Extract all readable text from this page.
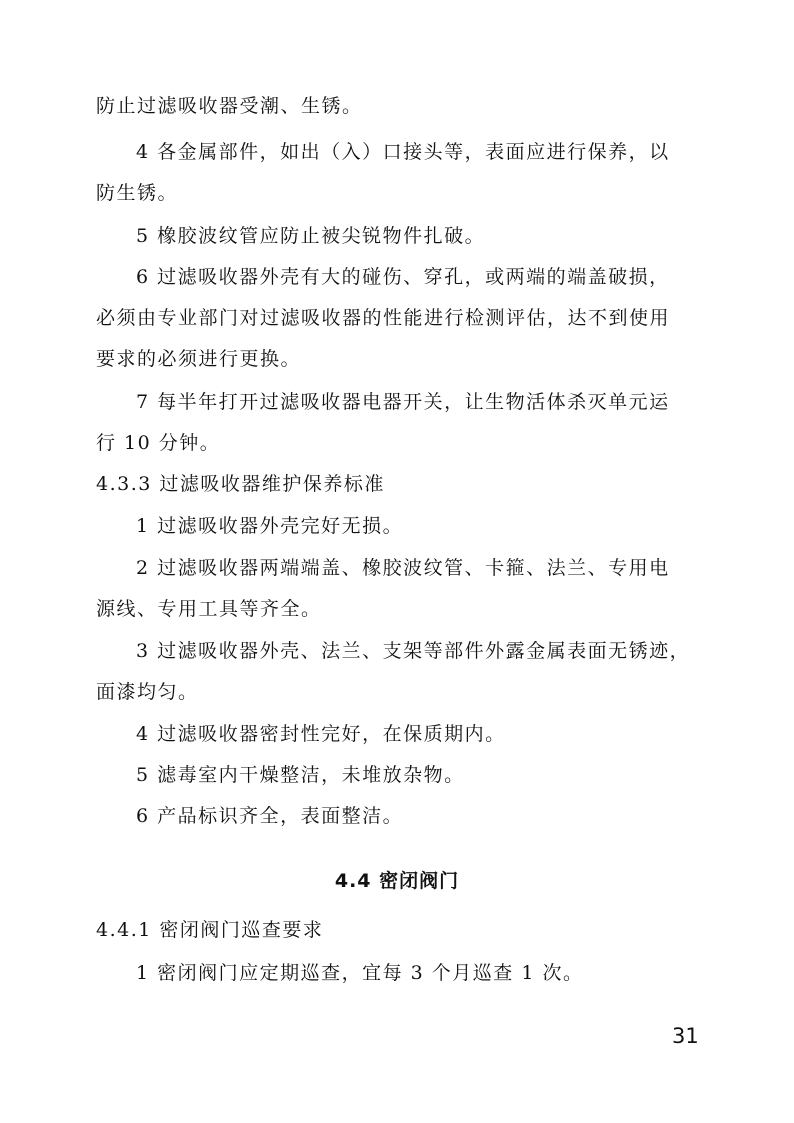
防止过滤吸收器受潮、生锈。
4 各金属部件，如出（入）口接头等，表面应进行保养，以
防生锈。
5 橡胶波纹管应防止被尖锐物件扎破。
6 过滤吸收器外壳有大的碰伤、穿孔，或两端的端盖破损，
必须由专业部门对过滤吸收器的性能进行检测评估，达不到使用
要求的必须进行更换。
7 每半年打开过滤吸收器电器开关，让生物活体杀灭单元运
行 10 分钟。
4.3.3 过滤吸收器维护保养标准
1 过滤吸收器外壳完好无损。
2 过滤吸收器两端端盖、橡胶波纹管、卡箍、法兰、专用电
源线、专用工具等齐全。
3 过滤吸收器外壳、法兰、支架等部件外露金属表面无锈迹，
面漆均匀。
4 过滤吸收器密封性完好，在保质期内。
5 滤毒室内干燥整洁，未堆放杂物。
6 产品标识齐全，表面整洁。
4.4 密闭阀门
4.4.1 密闭阀门巡查要求
1 密闭阀门应定期巡查，宜每 3 个月巡查 1 次。
31
